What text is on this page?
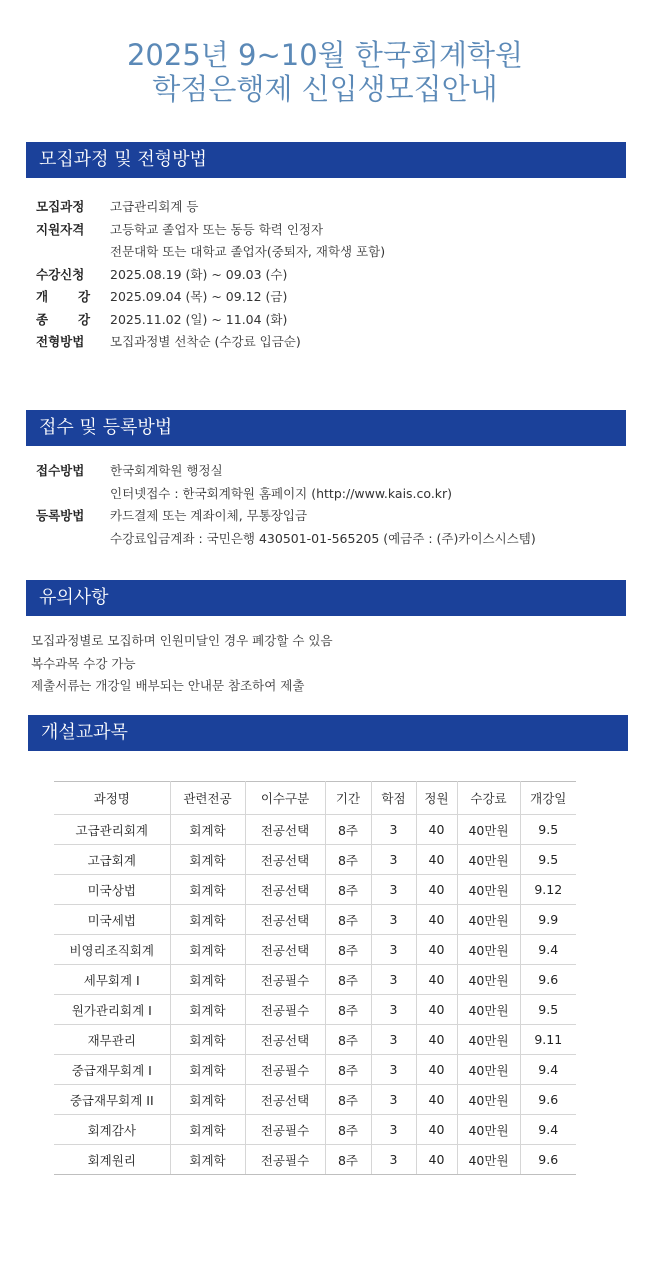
2025년 9~10월 한국회계학원
학점은행제 신입생모집안내
모집과정 및 전형방법
모집과정 고급관리회계 등
지원자격 고등학교 졸업자 또는 동등 학력 인정자
전문대학 또는 대학교 졸업자(중퇴자, 재학생 포함)
수강신청 2025.08.19 (화) ~ 09.03 (수)
개 강 2025.09.04 (목) ~ 09.12 (금)
종 강 2025.11.02 (일) ~ 11.04 (화)
전형방법 모집과정별 선착순 (수강료 입금순)
접수 및 등록방법
접수방법 한국회계학원 행정실
인터넷접수 : 한국회계학원 홈페이지 (http://www.kais.co.kr)
등록방법 카드결제 또는 계좌이체, 무통장입금
수강료입금계좌 : 국민은행 430501-01-565205 (예금주 : (주)카이스시스템)
유의사항
모집과정별로 모집하며 인원미달인 경우 폐강할 수 있음
복수과목 수강 가능
제출서류는 개강일 배부되는 안내문 참조하여 제출
개설교과목
과정명	관련전공	이수구분	기간	학점	정원	수강료	개강일
고급관리회계	회계학	전공선택	8주	3	40	40만원	9.5
고급회계	회계학	전공선택	8주	3	40	40만원	9.5
미국상법	회계학	전공선택	8주	3	40	40만원	9.12
미국세법	회계학	전공선택	8주	3	40	40만원	9.9
비영리조직회계	회계학	전공선택	8주	3	40	40만원	9.4
세무회계 I	회계학	전공필수	8주	3	40	40만원	9.6
원가관리회계 I	회계학	전공필수	8주	3	40	40만원	9.5
재무관리	회계학	전공선택	8주	3	40	40만원	9.11
중급재무회계 I	회계학	전공필수	8주	3	40	40만원	9.4
중급재무회계 II	회계학	전공선택	8주	3	40	40만원	9.6
회계감사	회계학	전공필수	8주	3	40	40만원	9.4
회계원리	회계학	전공필수	8주	3	40	40만원	9.6
